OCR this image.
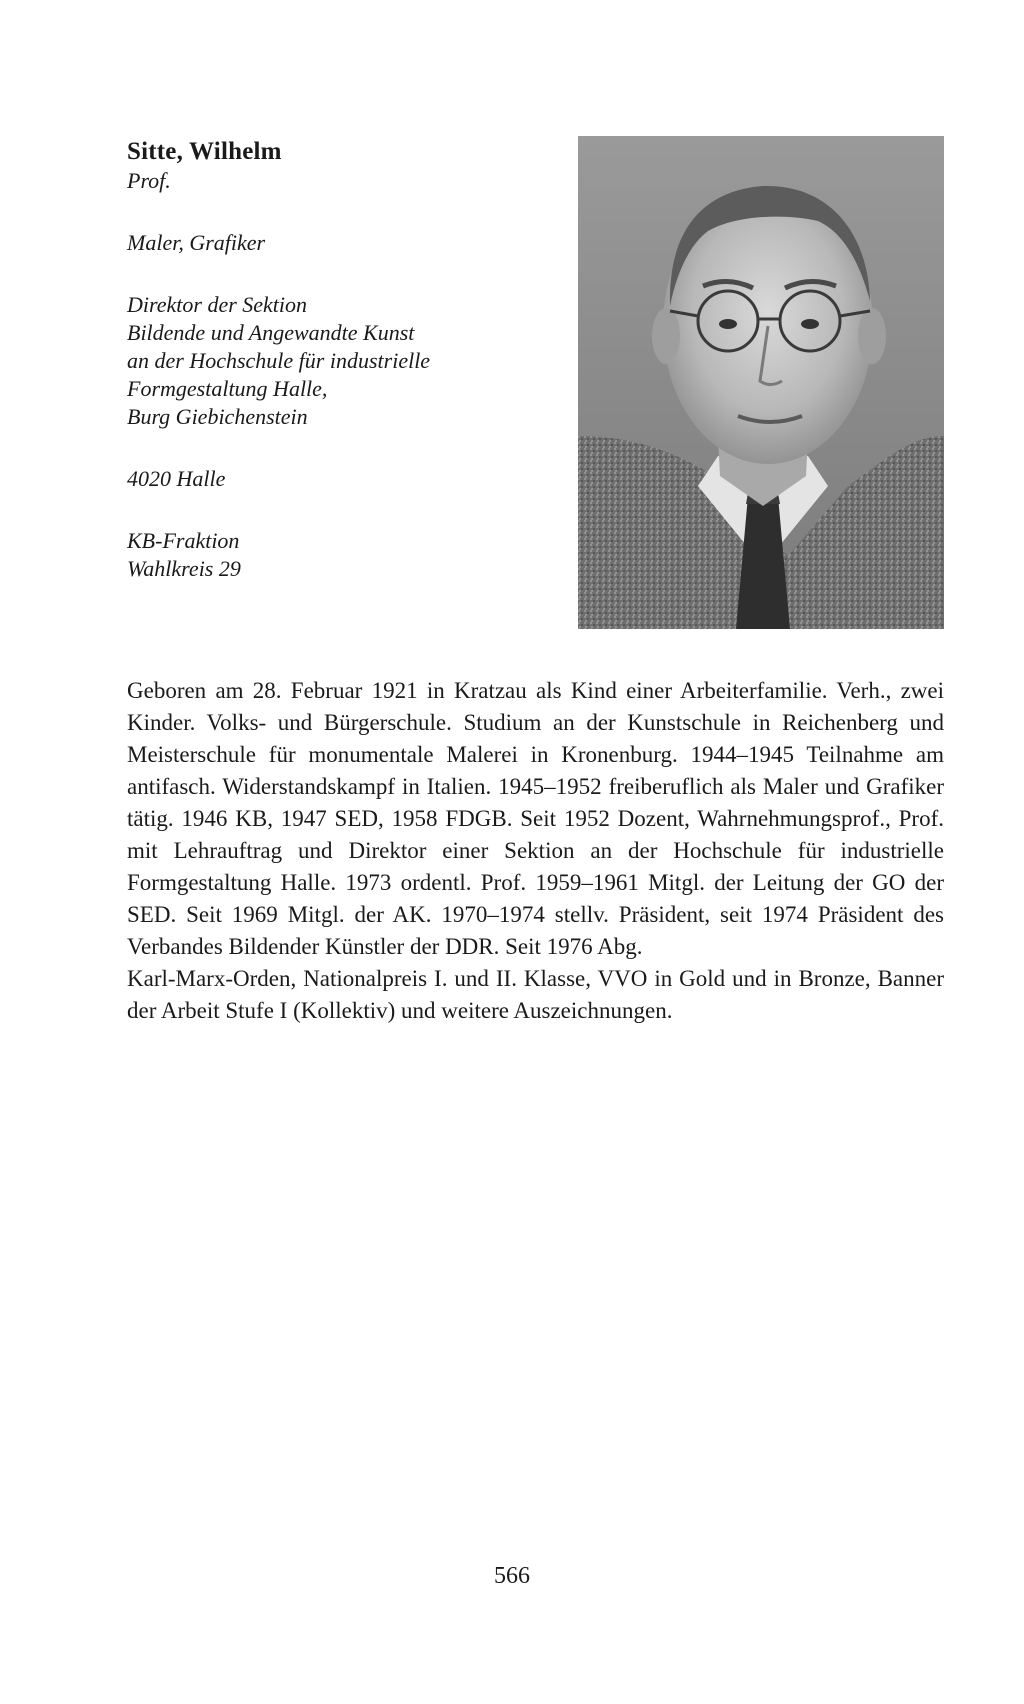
Sitte, Wilhelm
Prof.
Maler, Grafiker
Direktor der Sektion
Bildende und Angewandte Kunst
an der Hochschule für industrielle
Formgestaltung Halle,
Burg Giebichenstein
4020 Halle
KB-Fraktion
Wahlkreis 29

Geboren am 28. Februar 1921 in Kratzau als Kind einer Arbeiterfamilie. Verh., zwei Kinder. Volks- und Bürgerschule. Studium an der Kunstschule in Reichenberg und Meisterschule für monumentale Malerei in Kronenburg. 1944–1945 Teilnahme am antifasch. Widerstandskampf in Italien. 1945–1952 freiberuflich als Maler und Grafiker tätig. 1946 KB, 1947 SED, 1958 FDGB. Seit 1952 Dozent, Wahrnehmungsprof., Prof. mit Lehrauftrag und Direktor einer Sektion an der Hochschule für industrielle Formgestaltung Halle. 1973 ordentl. Prof. 1959–1961 Mitgl. der Leitung der GO der SED. Seit 1969 Mitgl. der AK. 1970–1974 stellv. Präsident, seit 1974 Präsident des Verbandes Bildender Künstler der DDR. Seit 1976 Abg.

Karl-Marx-Orden, Nationalpreis I. und II. Klasse, VVO in Gold und in Bronze, Banner der Arbeit Stufe I (Kollektiv) und weitere Auszeichnungen.

566
